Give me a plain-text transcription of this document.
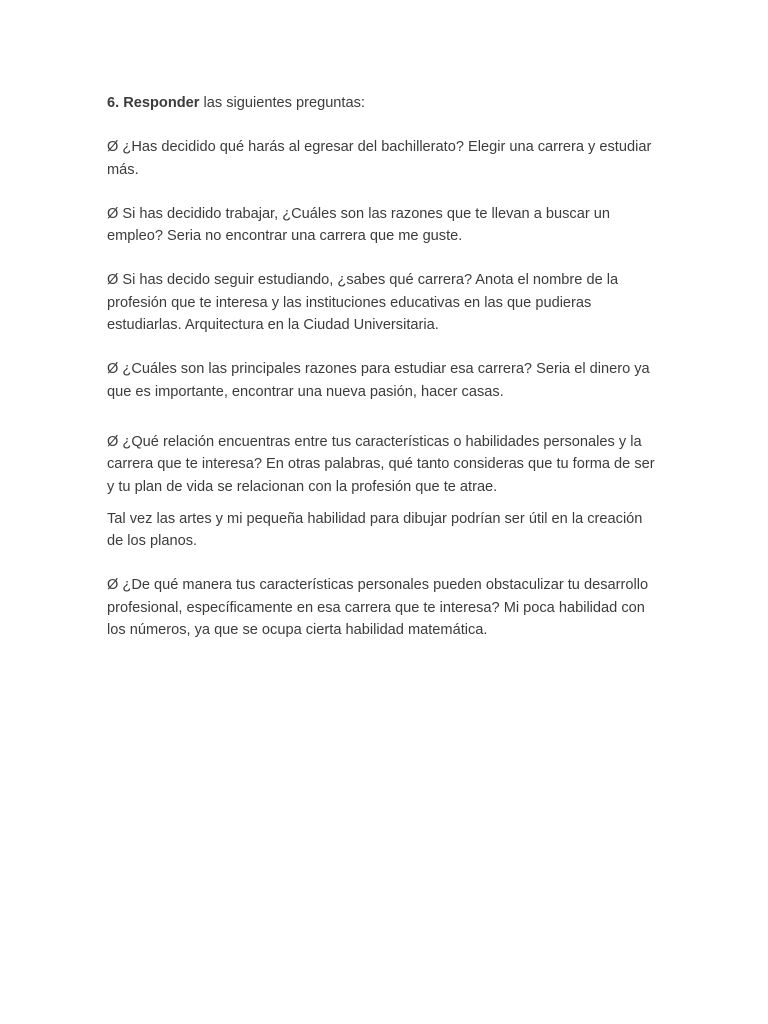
6. Responder las siguientes preguntas:

Ø ¿Has decidido qué harás al egresar del bachillerato? Elegir una carrera y estudiar más.

Ø Si has decidido trabajar, ¿Cuáles son las razones que te llevan a buscar un empleo? Seria no encontrar una carrera que me guste.

Ø Si has decido seguir estudiando, ¿sabes qué carrera? Anota el nombre de la profesión que te interesa y las instituciones educativas en las que pudieras estudiarlas. Arquitectura en la Ciudad Universitaria.

Ø ¿Cuáles son las principales razones para estudiar esa carrera? Seria el dinero ya que es importante, encontrar una nueva pasión, hacer casas.

Ø ¿Qué relación encuentras entre tus características o habilidades personales y la carrera que te interesa? En otras palabras, qué tanto consideras que tu forma de ser y tu plan de vida se relacionan con la profesión que te atrae.

Tal vez las artes y mi pequeña habilidad para dibujar podrían ser útil en la creación de los planos.

Ø ¿De qué manera tus características personales pueden obstaculizar tu desarrollo profesional, específicamente en esa carrera que te interesa? Mi poca habilidad con los números, ya que se ocupa cierta habilidad matemática.
